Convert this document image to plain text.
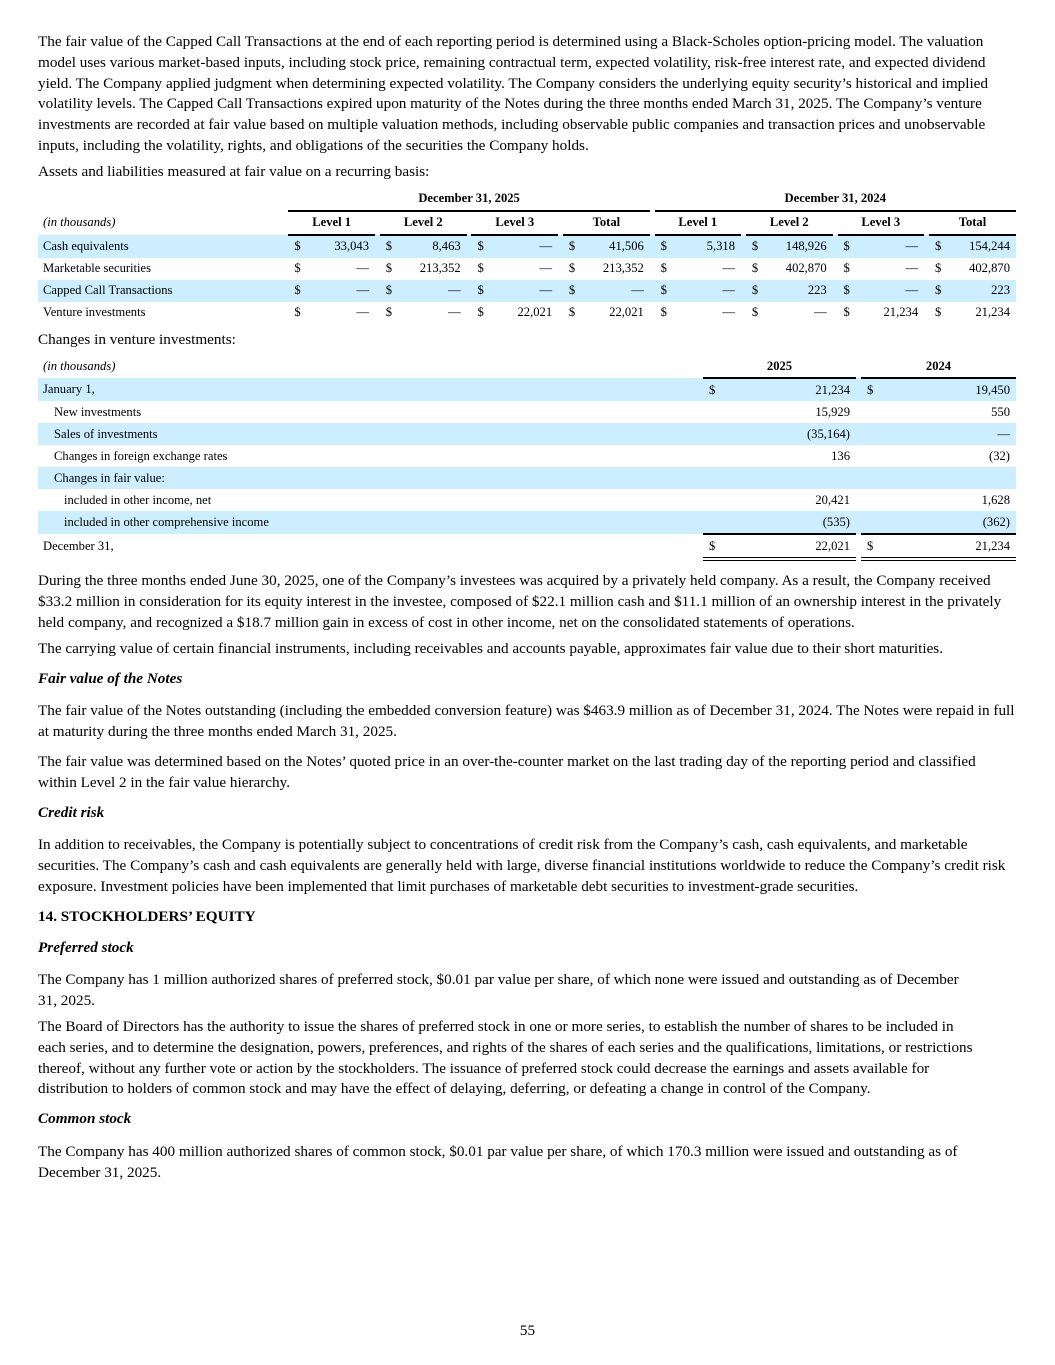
The fair value of the Capped Call Transactions at the end of each reporting period is determined using a Black-Scholes option-pricing model. The valuation model uses various market-based inputs, including stock price, remaining contractual term, expected volatility, risk-free interest rate, and expected dividend yield. The Company applied judgment when determining expected volatility. The Company considers the underlying equity security’s historical and implied volatility levels. The Capped Call Transactions expired upon maturity of the Notes during the three months ended March 31, 2025. The Company’s venture investments are recorded at fair value based on multiple valuation methods, including observable public companies and transaction prices and unobservable inputs, including the volatility, rights, and obligations of the securities the Company holds.

Assets and liabilities measured at fair value on a recurring basis:

		December 31, 2025												December 31, 2024										
(in thousands)		Level 1			Level 2			Level 3			Total			Level 1			Level 2			Level 3			Total	
Cash equivalents		$	33,043		$	8,463		$	—		$	41,506		$	5,318		$	148,926		$	—		$	154,244
Marketable securities		$	—		$	213,352		$	—		$	213,352		$	—		$	402,870		$	—		$	402,870
Capped Call Transactions		$	—		$	—		$	—		$	—		$	—		$	223		$	—		$	223
Venture investments		$	—		$	—		$	22,021		$	22,021		$	—		$	—		$	21,234		$	21,234

Changes in venture investments:

(in thousands)	2025			2024	
January 1,	$	21,234		$	19,450
New investments		15,929			550
Sales of investments		(35,164)			—
Changes in foreign exchange rates		136			(32)
Changes in fair value:					
included in other income, net		20,421			1,628
included in other comprehensive income		(535)			(362)
December 31,	$	22,021		$	21,234

During the three months ended June 30, 2025, one of the Company’s investees was acquired by a privately held company. As a result, the Company received $33.2 million in consideration for its equity interest in the investee, composed of $22.1 million cash and $11.1 million of an ownership interest in the privately held company, and recognized a $18.7 million gain in excess of cost in other income, net on the consolidated statements of operations.

The carrying value of certain financial instruments, including receivables and accounts payable, approximates fair value due to their short maturities.

Fair value of the Notes

The fair value of the Notes outstanding (including the embedded conversion feature) was $463.9 million as of December 31, 2024. The Notes were repaid in full at maturity during the three months ended March 31, 2025.

The fair value was determined based on the Notes’ quoted price in an over-the-counter market on the last trading day of the reporting period and classified within Level 2 in the fair value hierarchy.

Credit risk

In addition to receivables, the Company is potentially subject to concentrations of credit risk from the Company’s cash, cash equivalents, and marketable securities. The Company’s cash and cash equivalents are generally held with large, diverse financial institutions worldwide to reduce the Company’s credit risk exposure. Investment policies have been implemented that limit purchases of marketable debt securities to investment-grade securities.

14. STOCKHOLDERS’ EQUITY

Preferred stock

The Company has 1 million authorized shares of preferred stock, $0.01 par value per share, of which none were issued and outstanding as of December 31, 2025.

The Board of Directors has the authority to issue the shares of preferred stock in one or more series, to establish the number of shares to be included in each series, and to determine the designation, powers, preferences, and rights of the shares of each series and the qualifications, limitations, or restrictions thereof, without any further vote or action by the stockholders. The issuance of preferred stock could decrease the earnings and assets available for distribution to holders of common stock and may have the effect of delaying, deferring, or defeating a change in control of the Company.

Common stock

The Company has 400 million authorized shares of common stock, $0.01 par value per share, of which 170.3 million were issued and outstanding as of December 31, 2025.

55
